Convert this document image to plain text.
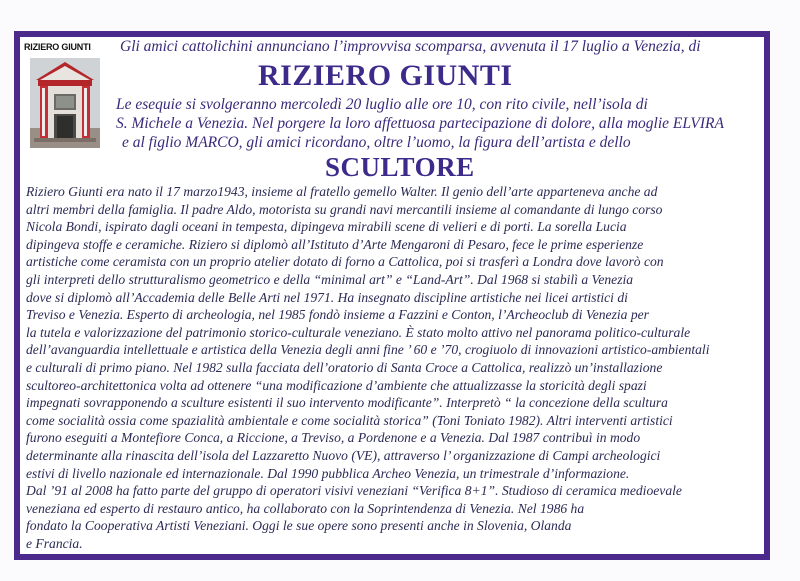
RIZIERO GIUNTI	Gli amici cattolichini annunciano l’improvvisa scomparsa, avvenuta il 17 luglio a Venezia, di
RIZIERO GIUNTI
Le esequie si svolgeranno mercoledì 20 luglio alle ore 10, con rito civile, nell’isola di
S. Michele a Venezia. Nel porgere la loro affettuosa partecipazione di dolore, alla moglie ELVIRA
e al figlio MARCO, gli amici ricordano, oltre l’uomo, la figura dell’artista e dello
SCULTORE
Riziero Giunti era nato il 17 marzo1943, insieme al fratello gemello Walter. Il genio dell’arte apparteneva anche ad
altri membri della famiglia. Il padre Aldo, motorista su grandi navi mercantili insieme al comandante di lungo corso
Nicola Bondi, ispirato dagli oceani in tempesta, dipingeva mirabili scene di velieri e di porti. La sorella Lucia
dipingeva stoffe e ceramiche. Riziero si diplomò all’Istituto d’Arte Mengaroni di Pesaro, fece le prime esperienze
artistiche come ceramista con un proprio atelier dotato di forno a Cattolica, poi si trasferì a Londra dove lavorò con
gli interpreti dello strutturalismo geometrico e della “minimal art” e “Land-Art”. Dal 1968 si stabilì a Venezia
dove si diplomò all’Accademia delle Belle Arti nel 1971. Ha insegnato discipline artistiche nei licei artistici di
Treviso e Venezia. Esperto di archeologia, nel 1985 fondò insieme a Fazzini e Conton, l’Archeoclub di Venezia per
la tutela e valorizzazione del patrimonio storico-culturale veneziano. È stato molto attivo nel panorama politico-culturale
dell’avanguardia intellettuale e artistica della Venezia degli anni fine ’ 60 e ’70, crogiuolo di innovazioni artistico-ambientali
e culturali di primo piano. Nel 1982 sulla facciata dell’oratorio di Santa Croce a Cattolica, realizzò un’installazione
scultoreo-architettonica volta ad ottenere “una modificazione d’ambiente che attualizzasse la storicità degli spazi
impegnati sovrapponendo a sculture esistenti il suo intervento modificante”. Interpretò “ la concezione della scultura
come socialità ossia come spazialità ambientale e come socialità storica” (Toni Toniato 1982). Altri interventi artistici
furono eseguiti a Montefiore Conca, a Riccione, a Treviso, a Pordenone e a Venezia. Dal 1987 contribuì in modo
determinante alla rinascita dell’isola del Lazzaretto Nuovo (VE), attraverso l’ organizzazione di Campi archeologici
estivi di livello nazionale ed internazionale. Dal 1990 pubblica Archeo Venezia, un trimestrale d’informazione.
Dal ’91 al 2008 ha fatto parte del gruppo di operatori visivi veneziani “Verifica 8+1”. Studioso di ceramica medioevale
veneziana ed esperto di restauro antico, ha collaborato con la Soprintendenza di Venezia. Nel 1986 ha
fondato la Cooperativa Artisti Veneziani. Oggi le sue opere sono presenti anche in Slovenia, Olanda
e Francia.
